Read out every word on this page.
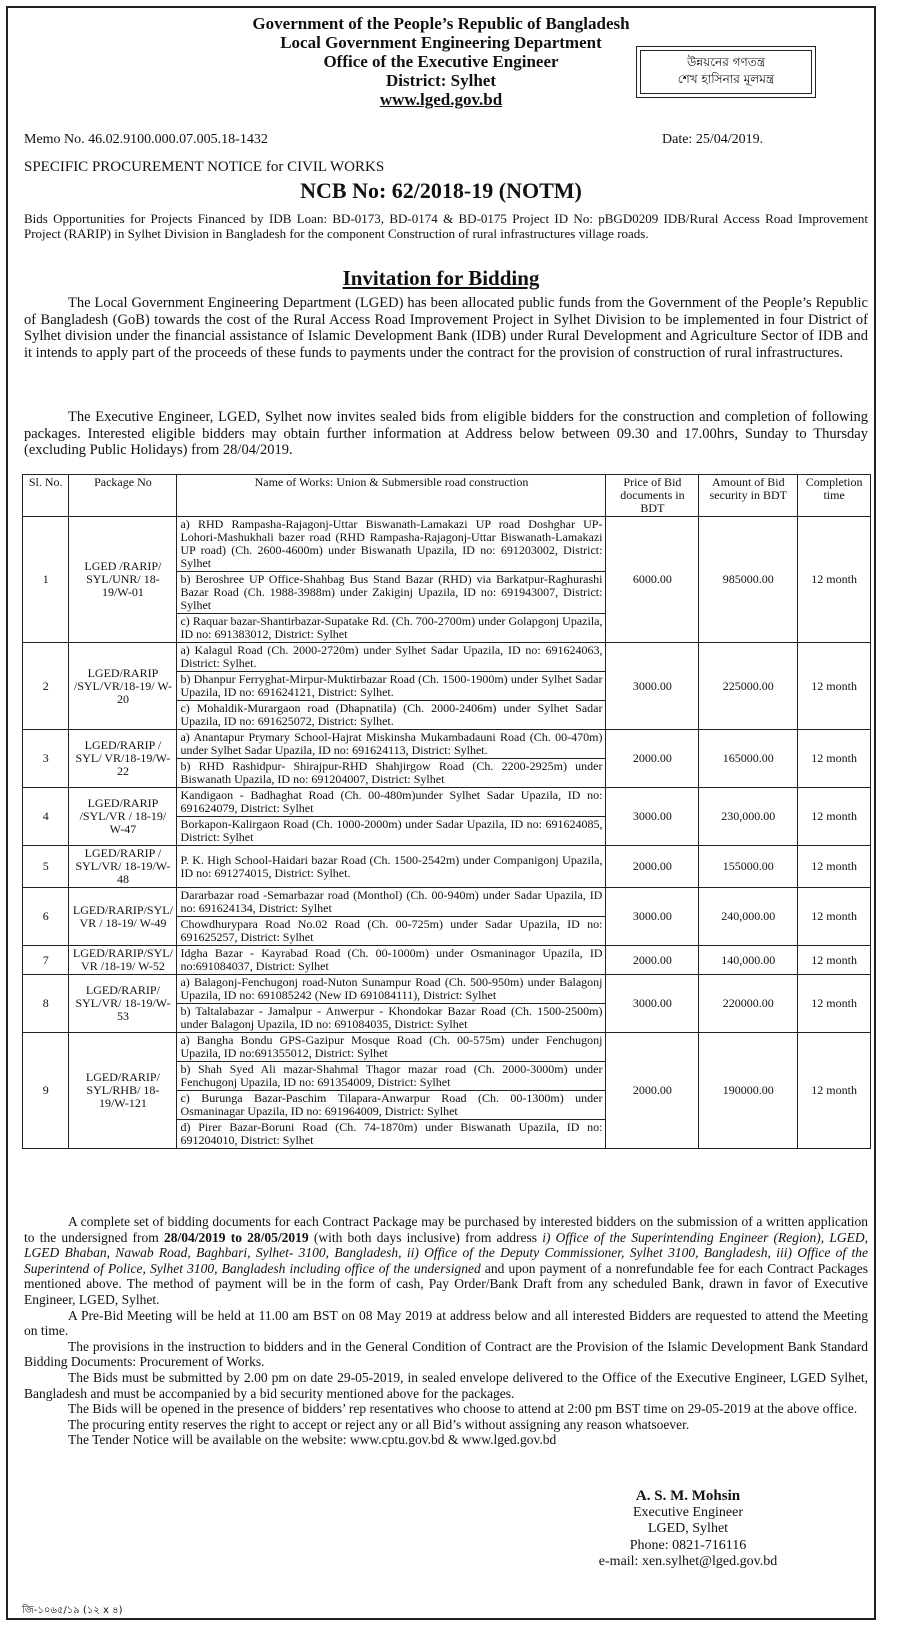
Government of the People’s Republic of Bangladesh
Local Government Engineering Department
Office of the Executive Engineer
District: Sylhet
www.lged.gov.bd
উন্নয়নের গণতন্ত্র
শেখ হাসিনার মূলমন্ত্র
Memo No. 46.02.9100.000.07.005.18-1432	Date: 25/04/2019.
SPECIFIC PROCUREMENT NOTICE for CIVIL WORKS
NCB No: 62/2018-19 (NOTM)
Bids Opportunities for Projects Financed by IDB Loan: BD-0173, BD-0174 & BD-0175 Project ID No: pBGD0209 IDB/Rural Access Road Improvement Project (RARIP) in Sylhet Division in Bangladesh for the component Construction of rural infrastructures village roads.
Invitation for Bidding
The Local Government Engineering Department (LGED) has been allocated public funds from the Government of the People’s Republic of Bangladesh (GoB) towards the cost of the Rural Access Road Improvement Project in Sylhet Division to be implemented in four District of Sylhet division under the financial assistance of Islamic Development Bank (IDB) under Rural Development and Agriculture Sector of IDB and it intends to apply part of the proceeds of these funds to payments under the contract for the provision of construction of rural infrastructures.
The Executive Engineer, LGED, Sylhet now invites sealed bids from eligible bidders for the construction and completion of following packages. Interested eligible bidders may obtain further information at Address below between 09.30 and 17.00hrs, Sunday to Thursday (excluding Public Holidays) from 28/04/2019.
Sl. No.	Package No	Name of Works: Union & Submersible road construction	Price of Bid documents in BDT	Amount of Bid security in BDT	Completion time
1	LGED /RARIP/ SYL/UNR/ 18-19/W-01	a) RHD Rampasha-Rajagonj-Uttar Biswanath-Lamakazi UP road Doshghar UP-Lohori-Mashukhali bazer road (RHD Rampasha-Rajagonj-Uttar Biswanath-Lamakazi UP road) (Ch. 2600-4600m) under Biswanath Upazila, ID no: 691203002, District: Sylhet	6000.00	985000.00	12 month
		b) Beroshree UP Office-Shahbag Bus Stand Bazar (RHD) via Barkatpur-Raghurashi Bazar Road (Ch. 1988-3988m) under Zakiginj Upazila, ID no: 691943007, District: Sylhet			
		c) Raquar bazar-Shantirbazar-Supatake Rd. (Ch. 700-2700m) under Golapgonj Upazila, ID no: 691383012, District: Sylhet			
2	LGED/RARIP /SYL/VR/18-19/ W-20	a) Kalagul Road (Ch. 2000-2720m) under Sylhet Sadar Upazila, ID no: 691624063, District: Sylhet.	3000.00	225000.00	12 month
		b) Dhanpur Ferryghat-Mirpur-Muktirbazar Road (Ch. 1500-1900m) under Sylhet Sadar Upazila, ID no: 691624121, District: Sylhet.			
		c) Mohaldik-Murargaon road (Dhapnatila) (Ch. 2000-2406m) under Sylhet Sadar Upazila, ID no: 691625072, District: Sylhet.			
3	LGED/RARIP / SYL/ VR/18-19/W-22	a) Anantapur Prymary School-Hajrat Miskinsha Mukambadauni Road (Ch. 00-470m) under Sylhet Sadar Upazila, ID no: 691624113, District: Sylhet.	2000.00	165000.00	12 month
		b) RHD Rashidpur- Shirajpur-RHD Shahjirgow Road (Ch. 2200-2925m) under Biswanath Upazila, ID no: 691204007, District: Sylhet			
4	LGED/RARIP /SYL/VR / 18-19/ W-47	Kandigaon - Badhaghat Road (Ch. 00-480m)under Sylhet Sadar Upazila, ID no: 691624079, District: Sylhet	3000.00	230,000.00	12 month
		Borkapon-Kalirgaon Road (Ch. 1000-2000m) under Sadar Upazila, ID no: 691624085, District: Sylhet			
5	LGED/RARIP / SYL/VR/ 18-19/W-48	P. K. High School-Haidari bazar Road (Ch. 1500-2542m) under Companigonj Upazila, ID no: 691274015, District: Sylhet.	2000.00	155000.00	12 month
6	LGED/RARIP/SYL/ VR / 18-19/ W-49	Dararbazar road -Semarbazar road (Monthol) (Ch. 00-940m) under Sadar Upazila, ID no: 691624134, District: Sylhet	3000.00	240,000.00	12 month
		Chowdhurypara Road No.02 Road (Ch. 00-725m) under Sadar Upazila, ID no: 691625257, District: Sylhet			
7	LGED/RARIP/SYL/ VR /18-19/ W-52	Idgha Bazar - Kayrabad Road (Ch. 00-1000m) under Osmaninagor Upazila, ID no:691084037, District: Sylhet	2000.00	140,000.00	12 month
8	LGED/RARIP/ SYL/VR/ 18-19/W-53	a) Balagonj-Fenchugonj road-Nuton Sunampur Road (Ch. 500-950m) under Balagonj Upazila, ID no: 691085242 (New ID 691084111), District: Sylhet	3000.00	220000.00	12 month
		b) Taltalabazar - Jamalpur - Anwerpur - Khondokar Bazar Road (Ch. 1500-2500m) under Balagonj Upazila, ID no: 691084035, District: Sylhet			
9	LGED/RARIP/ SYL/RHB/ 18-19/W-121	a) Bangha Bondu GPS-Gazipur Mosque Road (Ch. 00-575m) under Fenchugonj Upazila, ID no:691355012, District: Sylhet	2000.00	190000.00	12 month
		b) Shah Syed Ali mazar-Shahmal Thagor mazar road (Ch. 2000-3000m) under Fenchugonj Upazila, ID no: 691354009, District: Sylhet			
		c) Burunga Bazar-Paschim Tilapara-Anwarpur Road (Ch. 00-1300m) under Osmaninagar Upazila, ID no: 691964009, District: Sylhet			
		d) Pirer Bazar-Boruni Road (Ch. 74-1870m) under Biswanath Upazila, ID no: 691204010, District: Sylhet			

A complete set of bidding documents for each Contract Package may be purchased by interested bidders on the submission of a written application to the undersigned from 28/04/2019 to 28/05/2019 (with both days inclusive) from address i) Office of the Superintending Engineer (Region), LGED, LGED Bhaban, Nawab Road, Baghbari, Sylhet- 3100, Bangladesh, ii) Office of the Deputy Commissioner, Sylhet 3100, Bangladesh, iii) Office of the Superintend of Police, Sylhet 3100, Bangladesh including office of the undersigned and upon payment of a nonrefundable fee for each Contract Packages mentioned above. The method of payment will be in the form of cash, Pay Order/Bank Draft from any scheduled Bank, drawn in favor of Executive Engineer, LGED, Sylhet.

A Pre-Bid Meeting will be held at 11.00 am BST on 08 May 2019 at address below and all interested Bidders are requested to attend the Meeting on time.

The provisions in the instruction to bidders and in the General Condition of Contract are the Provision of the Islamic Development Bank Standard Bidding Documents: Procurement of Works.

The Bids must be submitted by 2.00 pm on date 29-05-2019, in sealed envelope delivered to the Office of the Executive Engineer, LGED Sylhet, Bangladesh and must be accompanied by a bid security mentioned above for the packages.

The Bids will be opened in the presence of bidders’ rep resentatives who choose to attend at 2:00 pm BST time on 29-05-2019 at the above office.

The procuring entity reserves the right to accept or reject any or all Bid’s without assigning any reason whatsoever.

The Tender Notice will be available on the website: www.cptu.gov.bd & www.lged.gov.bd

A. S. M. Mohsin
Executive Engineer
LGED, Sylhet
Phone: 0821-716116
e-mail: xen.sylhet@lged.gov.bd
জি-১০৬৫/১৯ (১২ x ৪)
